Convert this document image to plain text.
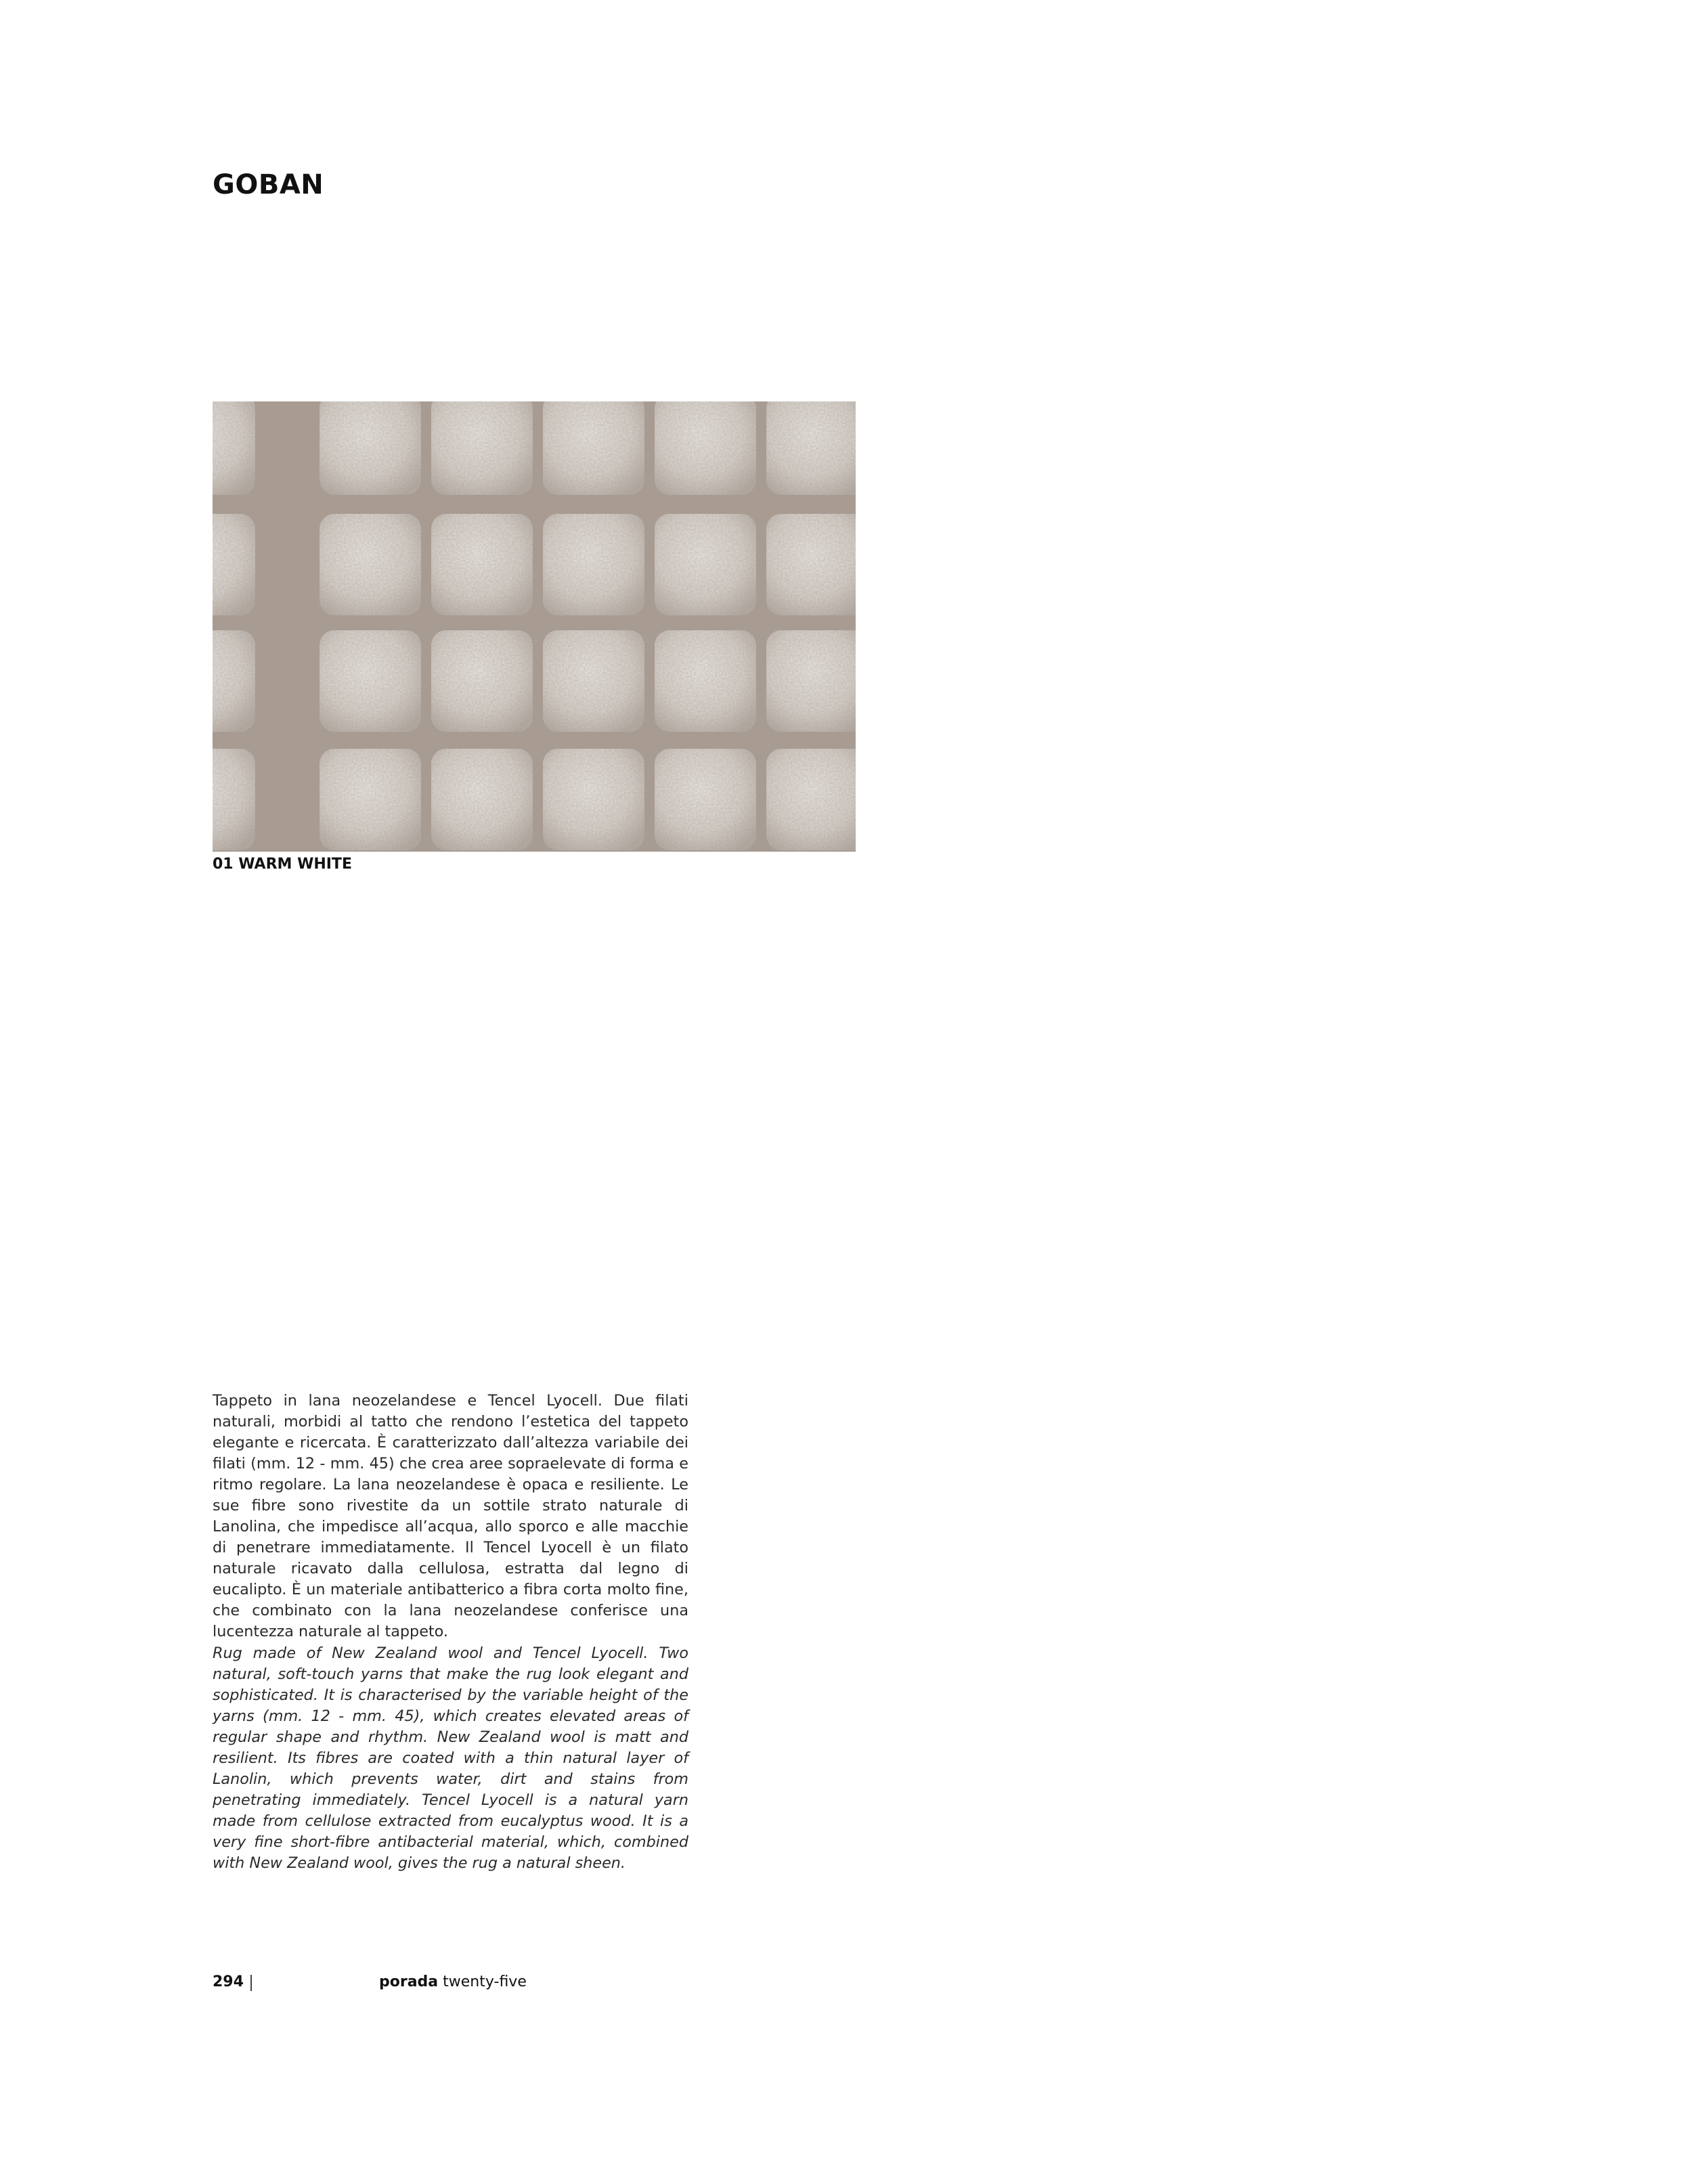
GOBAN
01 WARM WHITE
Tappeto in lana neozelandese e Tencel Lyocell. Due filati naturali, morbidi al tatto che rendono l’estetica del tappeto elegante e ricercata. È caratterizzato dall’altezza variabile dei filati (mm. 12 - mm. 45) che crea aree sopraelevate di forma e ritmo regolare. La lana neozelandese è opaca e resiliente. Le sue fibre sono rivestite da un sottile strato naturale di Lanolina, che impedisce all’acqua, allo sporco e alle macchie di penetrare immediatamente. Il Tencel Lyocell è un filato naturale ricavato dalla cellulosa, estratta dal legno di eucalipto. È un materiale antibatterico a fibra corta molto fine, che combinato con la lana neozelandese conferisce una lucentezza naturale al tappeto.
Rug made of New Zealand wool and Tencel Lyocell. Two natural, soft-touch yarns that make the rug look elegant and sophisticated. It is characterised by the variable height of the yarns (mm. 12 - mm. 45), which creates elevated areas of regular shape and rhythm. New Zealand wool is matt and resilient. Its fibres are coated with a thin natural layer of Lanolin, which prevents water, dirt and stains from penetrating immediately. Tencel Lyocell is a natural yarn made from cellulose extracted from eucalyptus wood. It is a very fine short-fibre antibacterial material, which, combined with New Zealand wool, gives the rug a natural sheen.
294	porada twenty-five
